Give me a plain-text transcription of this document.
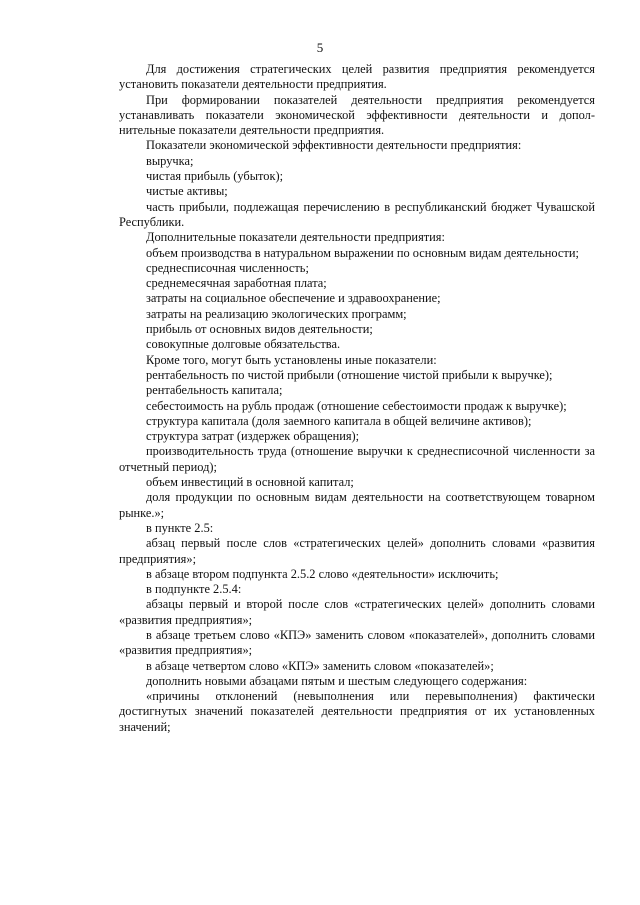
5

Для достижения стратегических целей развития предприятия рекомендуется установить показатели деятельности предприятия.

При формировании показателей деятельности предприятия рекомендуется устанавливать показатели экономической эффективности деятельности и дополнительные показатели деятельности предприятия.

Показатели экономической эффективности деятельности предприятия:

выручка;

чистая прибыль (убыток);

чистые активы;

часть прибыли, подлежащая перечислению в республиканский бюджет Чувашской Республики.

Дополнительные показатели деятельности предприятия:

объем производства в натуральном выражении по основным видам деятельности;

среднесписочная численность;

среднемесячная заработная плата;

затраты на социальное обеспечение и здравоохранение;

затраты на реализацию экологических программ;

прибыль от основных видов деятельности;

совокупные долговые обязательства.

Кроме того, могут быть установлены иные показатели:

рентабельность по чистой прибыли (отношение чистой прибыли к выручке);

рентабельность капитала;

себестоимость на рубль продаж (отношение себестоимости продаж к выручке);

структура капитала (доля заемного капитала в общей величине активов);

структура затрат (издержек обращения);

производительность труда (отношение выручки к среднесписочной численности за отчетный период);

объем инвестиций в основной капитал;

доля продукции по основным видам деятельности на соответствующем товарном рынке.»;

в пункте 2.5:

абзац первый после слов «стратегических целей» дополнить словами «развития предприятия»;

в абзаце втором подпункта 2.5.2 слово «деятельности» исключить;

в подпункте 2.5.4:

абзацы первый и второй после слов «стратегических целей» дополнить словами «развития предприятия»;

в абзаце третьем слово «КПЭ» заменить словом «показателей», дополнить словами «развития предприятия»;

в абзаце четвертом слово «КПЭ» заменить словом «показателей»;

дополнить новыми абзацами пятым и шестым следующего содержания:

«причины отклонений (невыполнения или перевыполнения) фактически достигнутых значений показателей деятельности предприятия от их установленных значений;
